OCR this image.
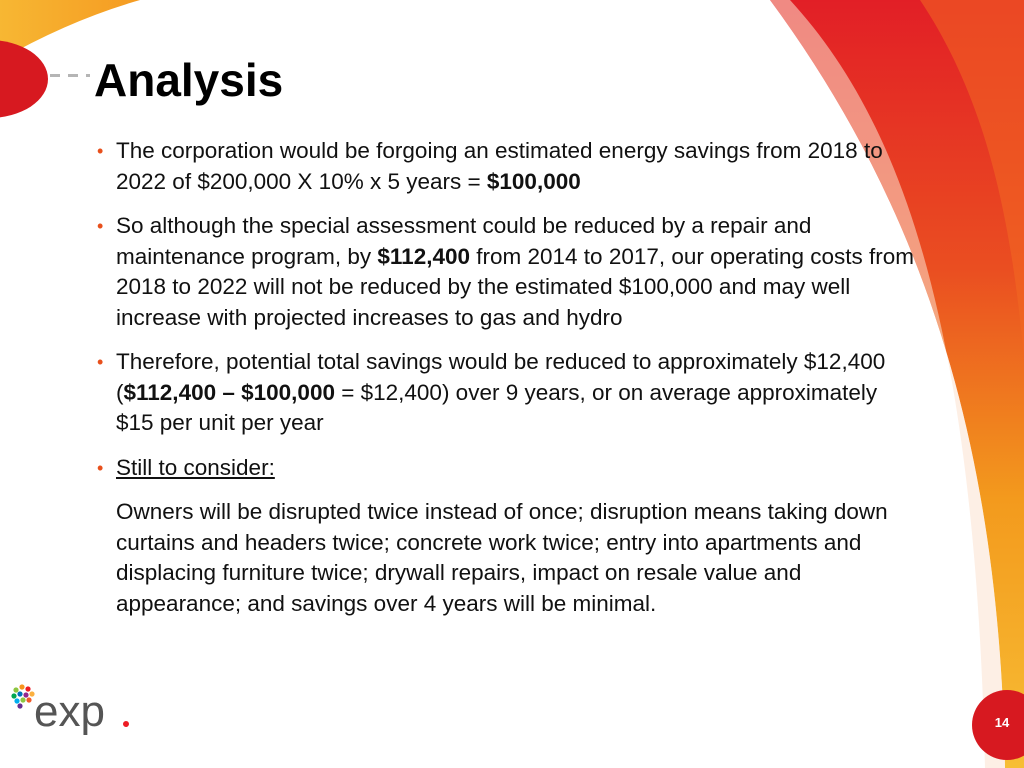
Analysis
• The corporation would be forgoing an estimated energy savings from 2018 to 2022 of $200,000 X 10% x 5 years = $100,000
• So although the special assessment could be reduced by a repair and maintenance program, by $112,400 from 2014 to 2017, our operating costs from 2018 to 2022 will not be reduced by the estimated $100,000 and may well increase with projected increases to gas and hydro
• Therefore, potential total savings would be reduced to approximately $12,400 ($112,400 – $100,000 = $12,400) over 9 years, or on average approximately $15 per unit per year
• Still to consider:
Owners will be disrupted twice instead of once; disruption means taking down curtains and headers twice; concrete work twice; entry into apartments and displacing furniture twice; drywall repairs, impact on resale value and appearance; and savings over 4 years will be minimal.
exp	14
